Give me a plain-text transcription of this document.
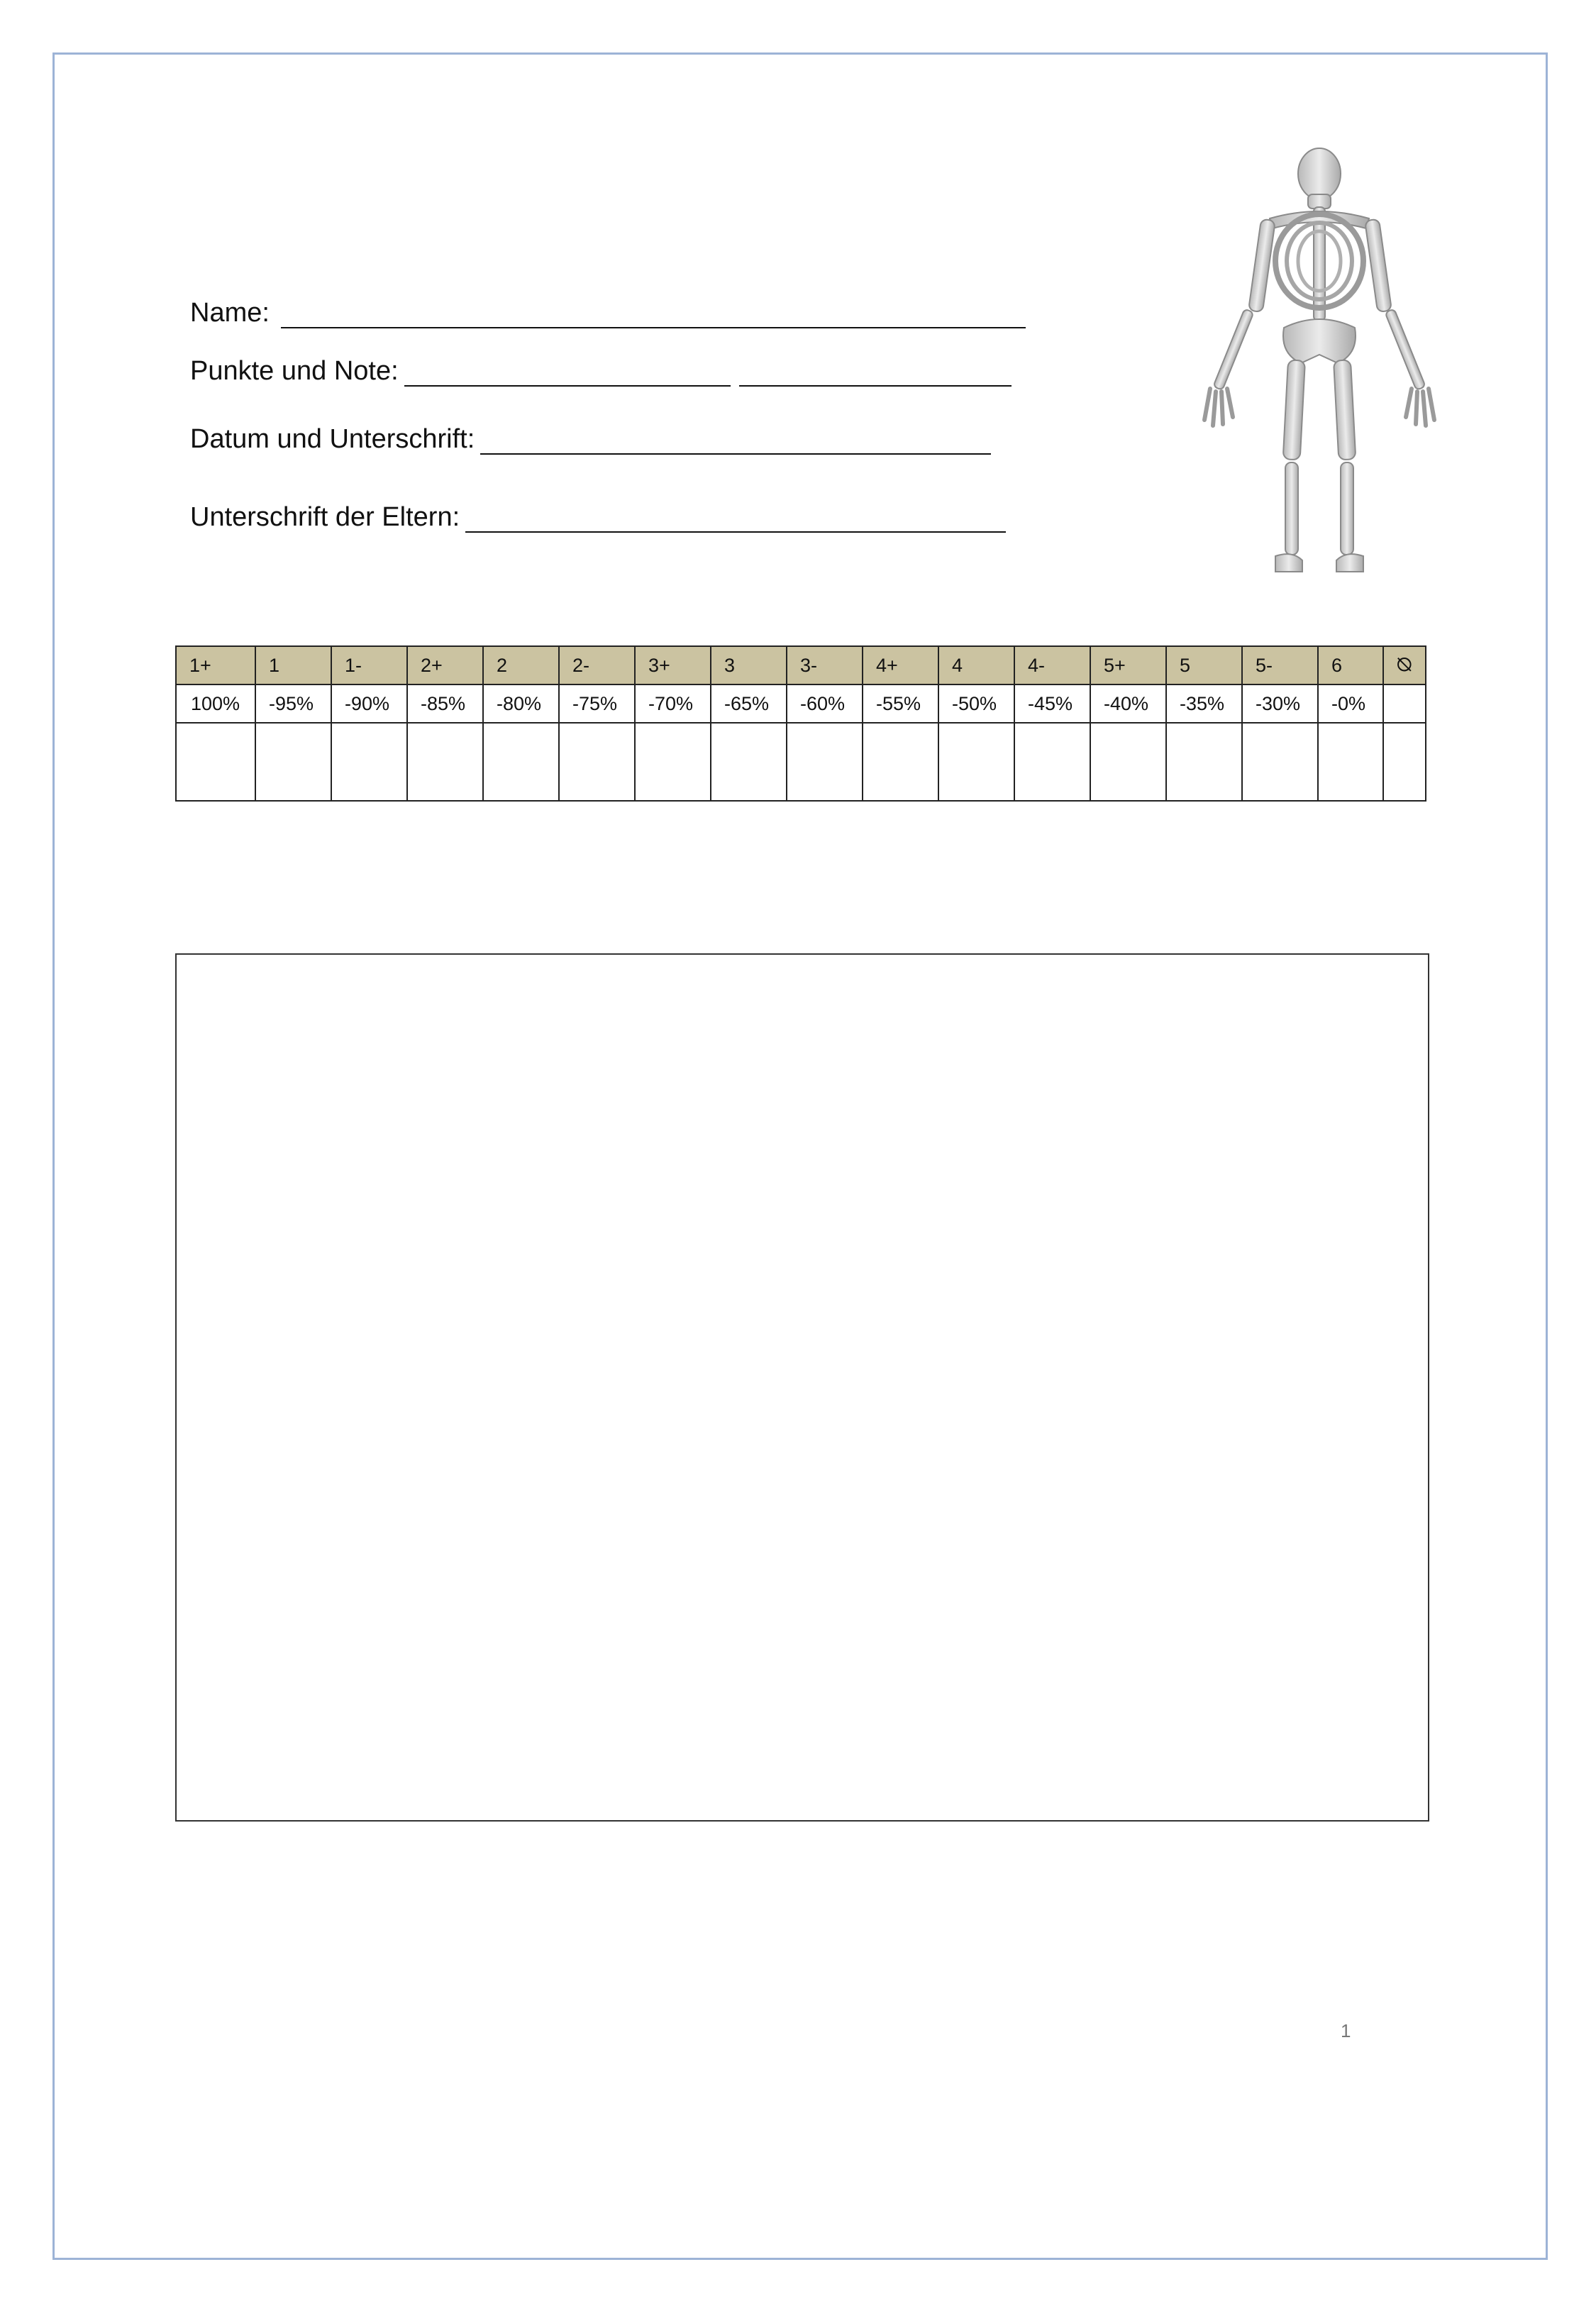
Name:
Punkte und Note:
Datum und Unterschrift:
Unterschrift der Eltern:
1+	1	1-	2+	2	2-	3+	3	3-	4+	4	4-	5+	5	5-	6	⦰
100%	-95%	-90%	-85%	-80%	-75%	-70%	-65%	-60%	-55%	-50%	-45%	-40%	-35%	-30%	-0%	

1
